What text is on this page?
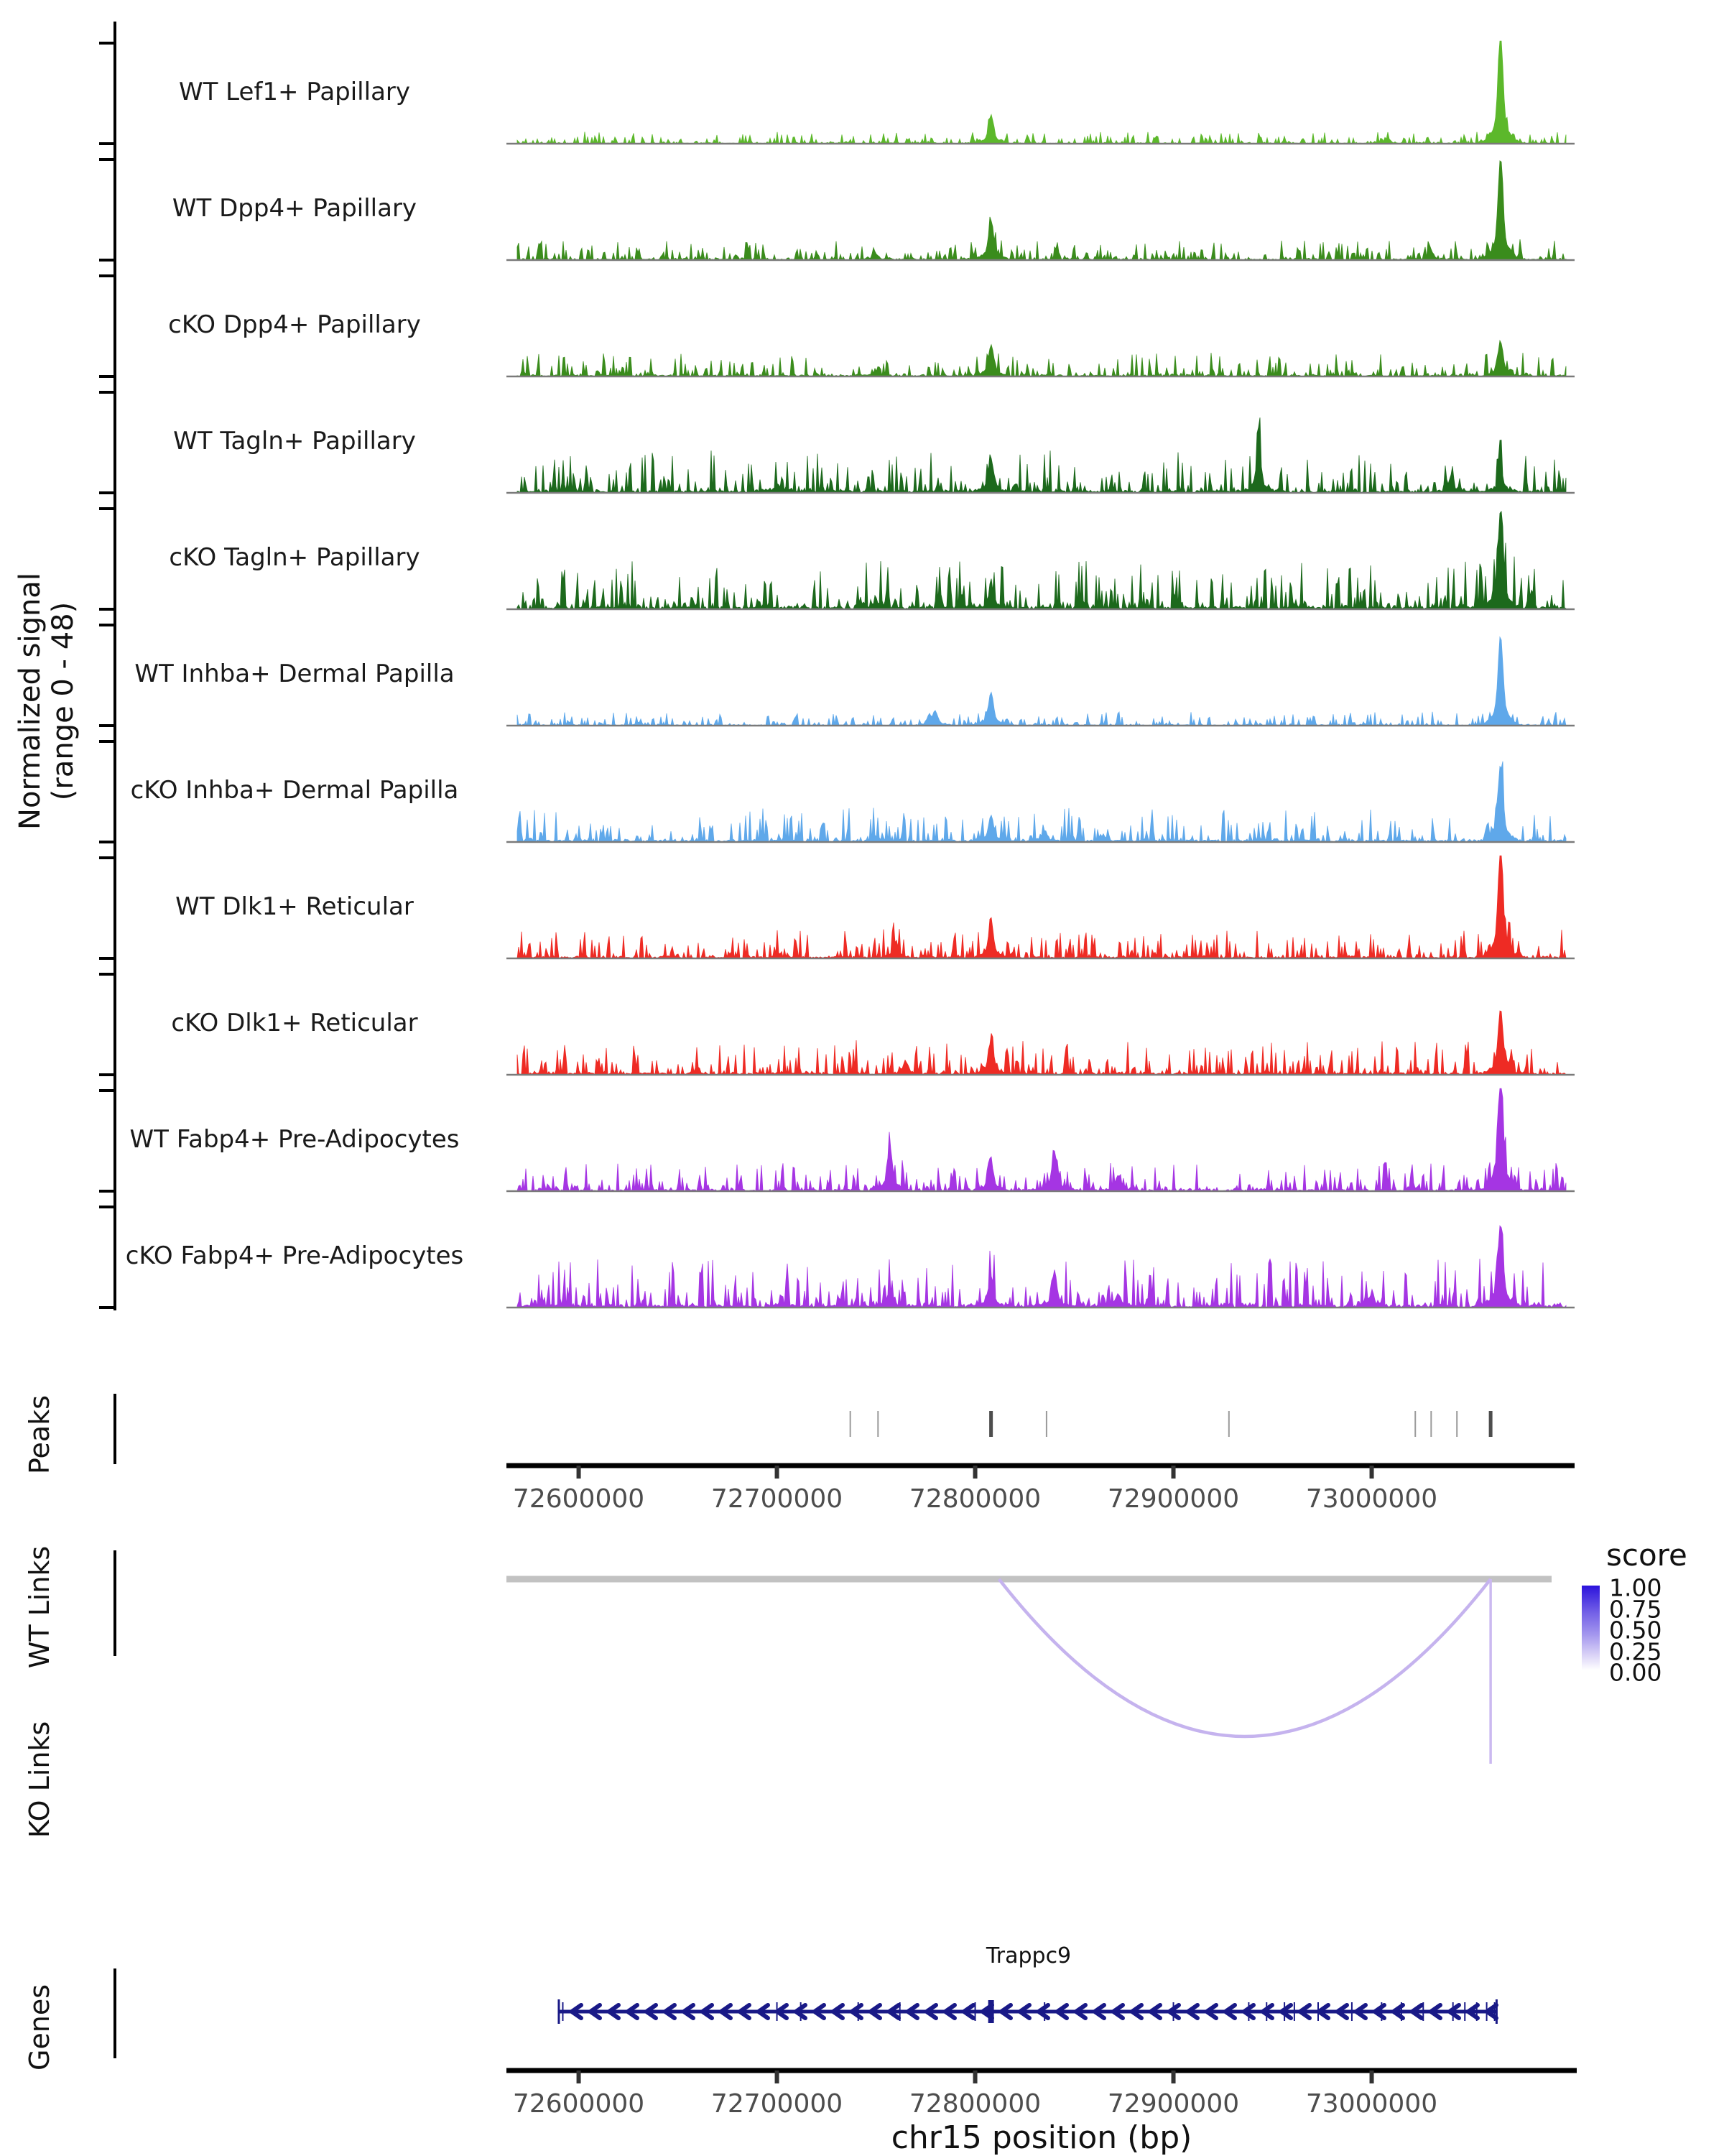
Normalized signal (range 0 - 48)
Peaks
WT Links
KO Links
Genes
WT Lef1+ Papillary
WT Dpp4+ Papillary
cKO Dpp4+ Papillary
WT Tagln+ Papillary
cKO Tagln+ Papillary
WT Inhba+ Dermal Papilla
cKO Inhba+ Dermal Papilla
WT Dlk1+ Reticular
cKO Dlk1+ Reticular
WT Fabp4+ Pre-Adipocytes
cKO Fabp4+ Pre-Adipocytes
72600000	72700000	72800000	72900000	73000000
72600000	72700000	72800000	72900000	73000000
score
1.00
0.75
0.50
0.25
0.00
Trappc9
chr15 position (bp)
